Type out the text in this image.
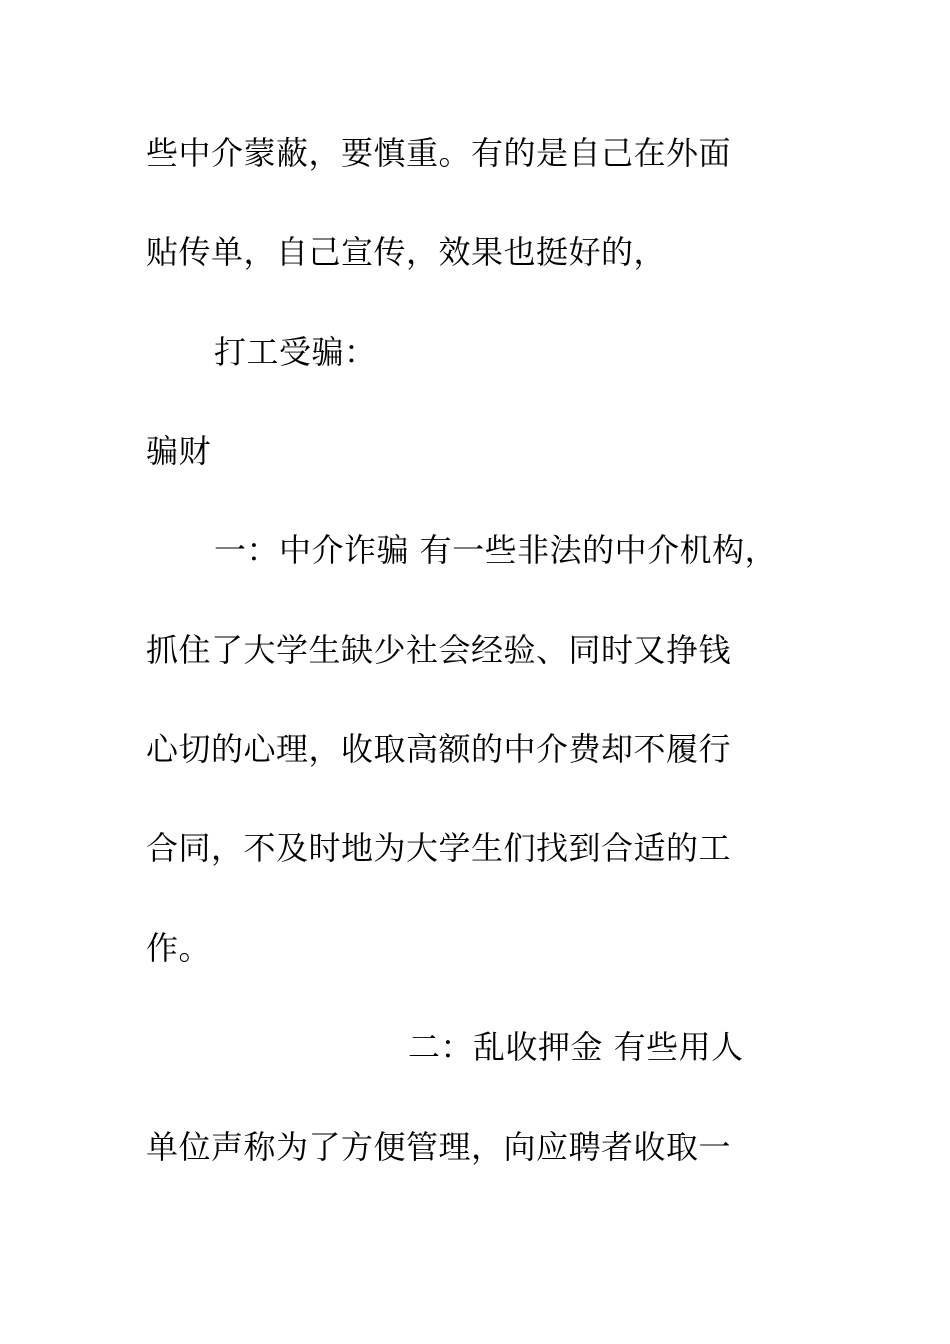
些中介蒙蔽，要慎重。有的是自己在外面
贴传单，自己宣传，效果也挺好的，
打工受骗：
骗财
一：中介诈骗 有一些非法的中介机构，
抓住了大学生缺少社会经验、同时又挣钱
心切的心理，收取高额的中介费却不履行
合同，不及时地为大学生们找到合适的工
作。
二：乱收押金 有些用人
单位声称为了方便管理，向应聘者收取一
